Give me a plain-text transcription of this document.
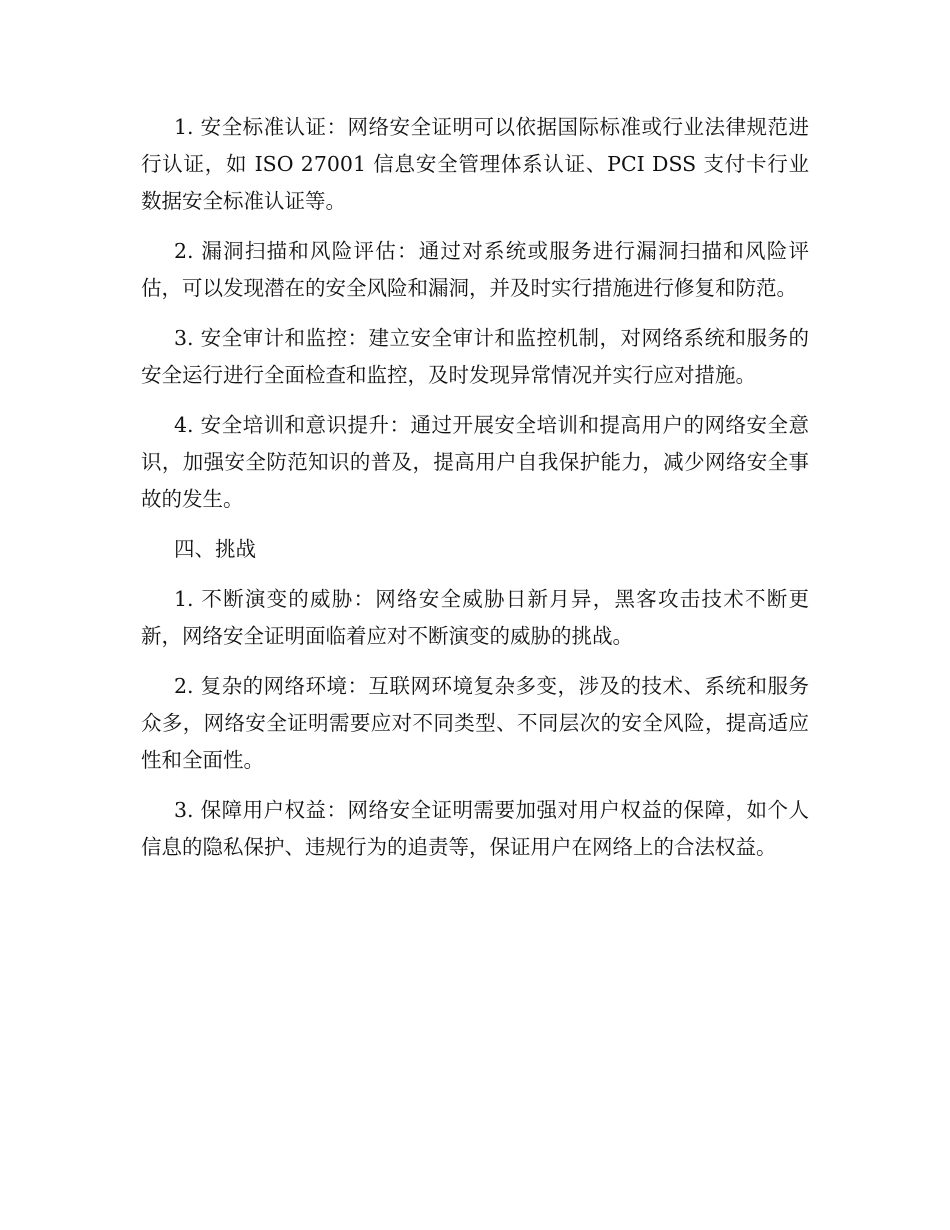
1. 安全标准认证：网络安全证明可以依据国际标准或行业法律规范进行认证，如 ISO 27001 信息安全管理体系认证、PCI DSS 支付卡行业数据安全标准认证等。

2. 漏洞扫描和风险评估：通过对系统或服务进行漏洞扫描和风险评估，可以发现潜在的安全风险和漏洞，并及时实行措施进行修复和防范。

3. 安全审计和监控：建立安全审计和监控机制，对网络系统和服务的安全运行进行全面检查和监控，及时发现异常情况并实行应对措施。

4. 安全培训和意识提升：通过开展安全培训和提高用户的网络安全意识，加强安全防范知识的普及，提高用户自我保护能力，减少网络安全事故的发生。

四、挑战

1. 不断演变的威胁：网络安全威胁日新月异，黑客攻击技术不断更新，网络安全证明面临着应对不断演变的威胁的挑战。

2. 复杂的网络环境：互联网环境复杂多变，涉及的技术、系统和服务众多，网络安全证明需要应对不同类型、不同层次的安全风险，提高适应性和全面性。

3. 保障用户权益：网络安全证明需要加强对用户权益的保障，如个人信息的隐私保护、违规行为的追责等，保证用户在网络上的合法权益。
